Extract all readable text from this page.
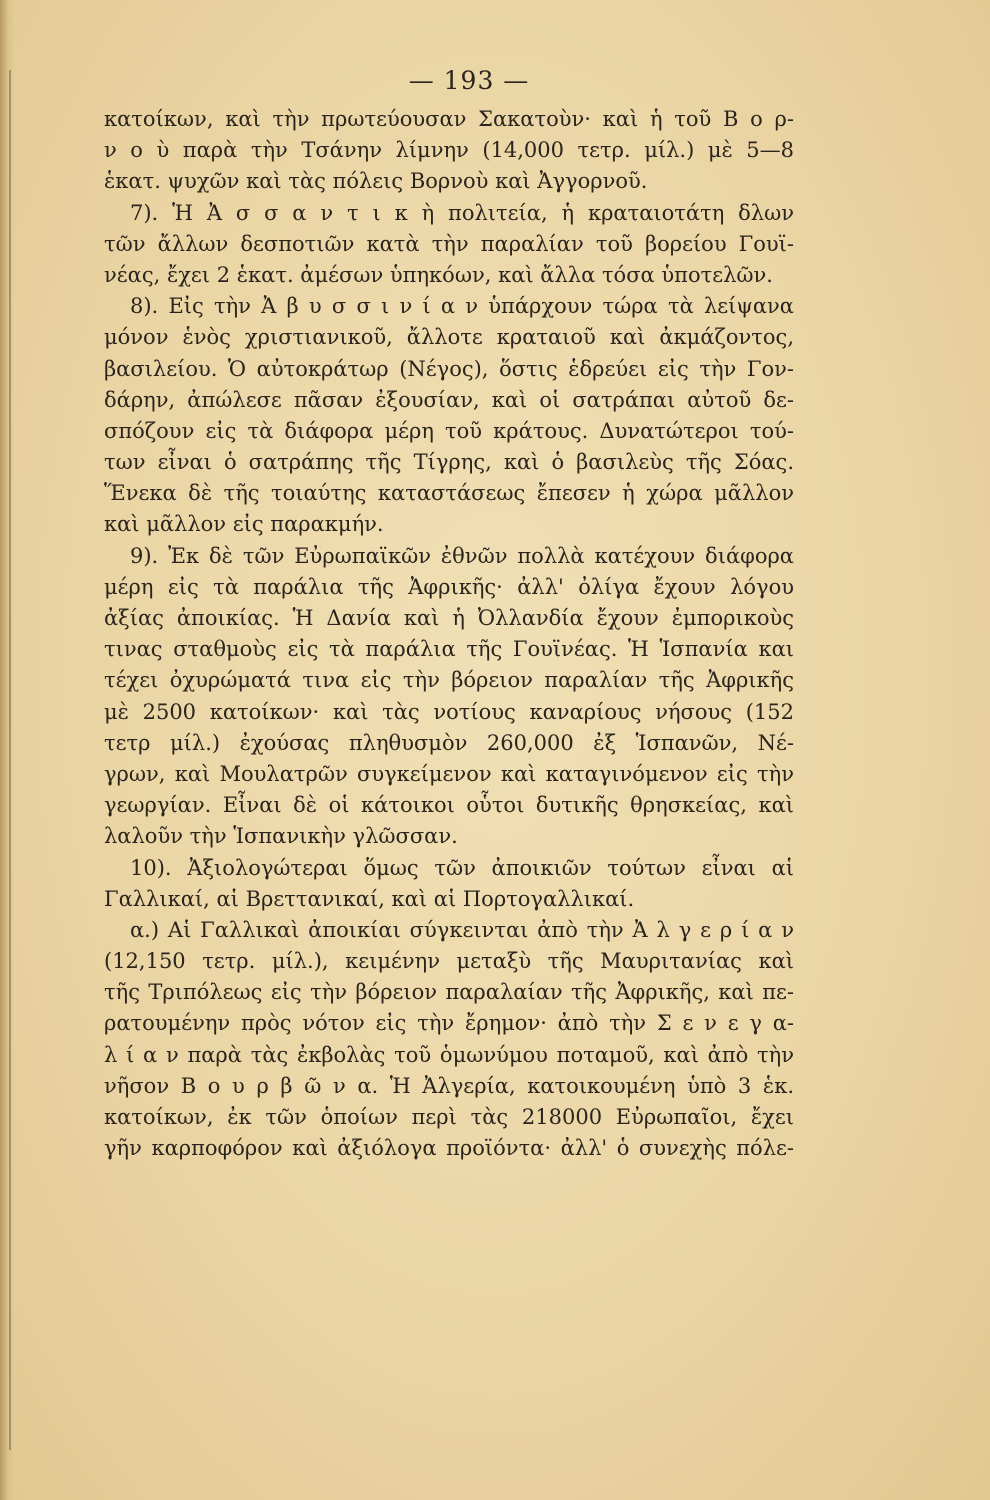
— 193 —
κατοίκων, καὶ τὴν πρωτεύουσαν Σακατοὺν· καὶ ἡ τοῦ Β ο ρ-
ν ο ὺ παρὰ τὴν Τσάνην λίμνην (14,000 τετρ. μίλ.) μὲ 5—8
ἑκατ. ψυχῶν καὶ τὰς πόλεις Βορνοὺ καὶ Ἀγγορνοῦ.
7). Ἡ Ἀ σ σ α ν τ ι κ ὴ πολιτεία, ἡ κραταιοτάτη δλων
τῶν ἄλλων δεσποτιῶν κατὰ τὴν παραλίαν τοῦ βορείου Γουϊ-
νέας, ἔχει 2 ἑκατ. ἀμέσων ὑπηκόων, καὶ ἄλλα τόσα ὑποτελῶν.
8). Εἰς τὴν Ἀ β υ σ σ ι ν ί α ν ὑπάρχουν τώρα τὰ λείψανα
μόνον ἑνὸς χριστιανικοῦ, ἄλλοτε κραταιοῦ καὶ ἀκμάζοντος,
βασιλείου. Ὁ αὐτοκράτωρ (Νέγος), ὅστις ἑδρεύει εἰς τὴν Γον-
δάρην, ἀπώλεσε πᾶσαν ἐξουσίαν, καὶ οἱ σατράπαι αὐτοῦ δε-
σπόζουν εἰς τὰ διάφορα μέρη τοῦ κράτους. Δυνατώτεροι τού-
των εἶναι ὁ σατράπης τῆς Τίγρης, καὶ ὁ βασιλεὺς τῆς Σόας.
Ἕνεκα δὲ τῆς τοιαύτης καταστάσεως ἔπεσεν ἡ χώρα μᾶλλον
καὶ μᾶλλον εἰς παρακμήν.
9). Ἐκ δὲ τῶν Εὐρωπαϊκῶν ἐθνῶν πολλὰ κατέχουν διάφορα
μέρη εἰς τὰ παράλια τῆς Ἀφρικῆς· ἀλλ' ὀλίγα ἔχουν λόγου
ἀξίας ἀποικίας. Ἡ Δανία καὶ ἡ Ὀλλανδία ἔχουν ἐμπορικοὺς
τινας σταθμοὺς εἰς τὰ παράλια τῆς Γουϊνέας. Ἡ Ἱσπανία και
τέχει ὀχυρώματά τινα εἰς τὴν βόρειον παραλίαν τῆς Ἀφρικῆς
μὲ 2500 κατοίκων· καὶ τὰς νοτίους καναρίους νήσους (152
τετρ μίλ.) ἐχούσας πληθυσμὸν 260,000 ἐξ Ἱσπανῶν, Νέ-
γρων, καὶ Μουλατρῶν συγκείμενον καὶ καταγινόμενον εἰς τὴν
γεωργίαν. Εἶναι δὲ οἱ κάτοικοι οὗτοι δυτικῆς θρησκείας, καὶ
λαλοῦν τὴν Ἱσπανικὴν γλῶσσαν.
10). Ἀξιολογώτεραι ὅμως τῶν ἀποικιῶν τούτων εἶναι αἱ
Γαλλικαί, αἱ Βρεττανικαί, καὶ αἱ Πορτογαλλικαί.
α.) Αἱ Γαλλικαὶ ἀποικίαι σύγκεινται ἀπὸ τὴν Ἀ λ γ ε ρ ί α ν
(12,150 τετρ. μίλ.), κειμένην μεταξὺ τῆς Μαυριτανίας καὶ
τῆς Τριπόλεως εἰς τὴν βόρειον παραλαίαν τῆς Ἀφρικῆς, καὶ πε-
ρατουμένην πρὸς νότον εἰς τὴν ἔρημον· ἀπὸ τὴν Σ ε ν ε γ α-
λ ί α ν παρὰ τὰς ἐκβολὰς τοῦ ὁμωνύμου ποταμοῦ, καὶ ἀπὸ τὴν
νῆσον Β ο υ ρ β ῶ ν α. Ἡ Ἀλγερία, κατοικουμένη ὑπὸ 3 ἑκ.
κατοίκων, ἐκ τῶν ὁποίων περὶ τὰς 218000 Εὐρωπαῖοι, ἔχει
γῆν καρποφόρον καὶ ἀξιόλογα προϊόντα· ἀλλ' ὁ συνεχὴς πόλε-
